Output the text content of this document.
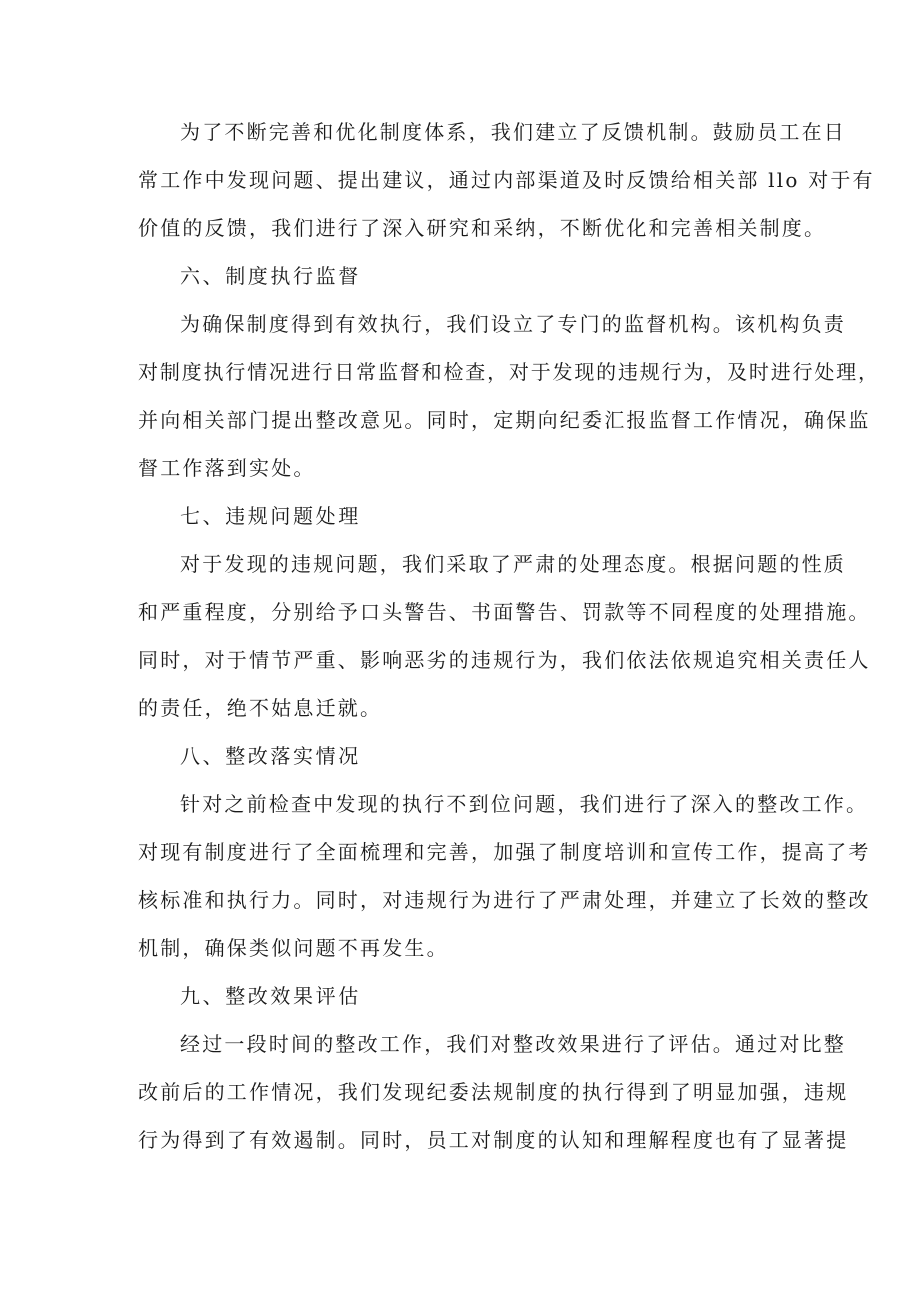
为了不断完善和优化制度体系，我们建立了反馈机制。鼓励员工在日
常工作中发现问题、提出建议，通过内部渠道及时反馈给相关部 llo 对于有
价值的反馈，我们进行了深入研究和采纳，不断优化和完善相关制度。
六、制度执行监督
为确保制度得到有效执行，我们设立了专门的监督机构。该机构负责
对制度执行情况进行日常监督和检查，对于发现的违规行为，及时进行处理，
并向相关部门提出整改意见。同时，定期向纪委汇报监督工作情况，确保监
督工作落到实处。
七、违规问题处理
对于发现的违规问题，我们采取了严肃的处理态度。根据问题的性质
和严重程度，分别给予口头警告、书面警告、罚款等不同程度的处理措施。
同时，对于情节严重、影响恶劣的违规行为，我们依法依规追究相关责任人
的责任，绝不姑息迁就。
八、整改落实情况
针对之前检查中发现的执行不到位问题，我们进行了深入的整改工作。
对现有制度进行了全面梳理和完善，加强了制度培训和宣传工作，提高了考
核标准和执行力。同时，对违规行为进行了严肃处理，并建立了长效的整改
机制，确保类似问题不再发生。
九、整改效果评估
经过一段时间的整改工作，我们对整改效果进行了评估。通过对比整
改前后的工作情况，我们发现纪委法规制度的执行得到了明显加强，违规
行为得到了有效遏制。同时，员工对制度的认知和理解程度也有了显著提
